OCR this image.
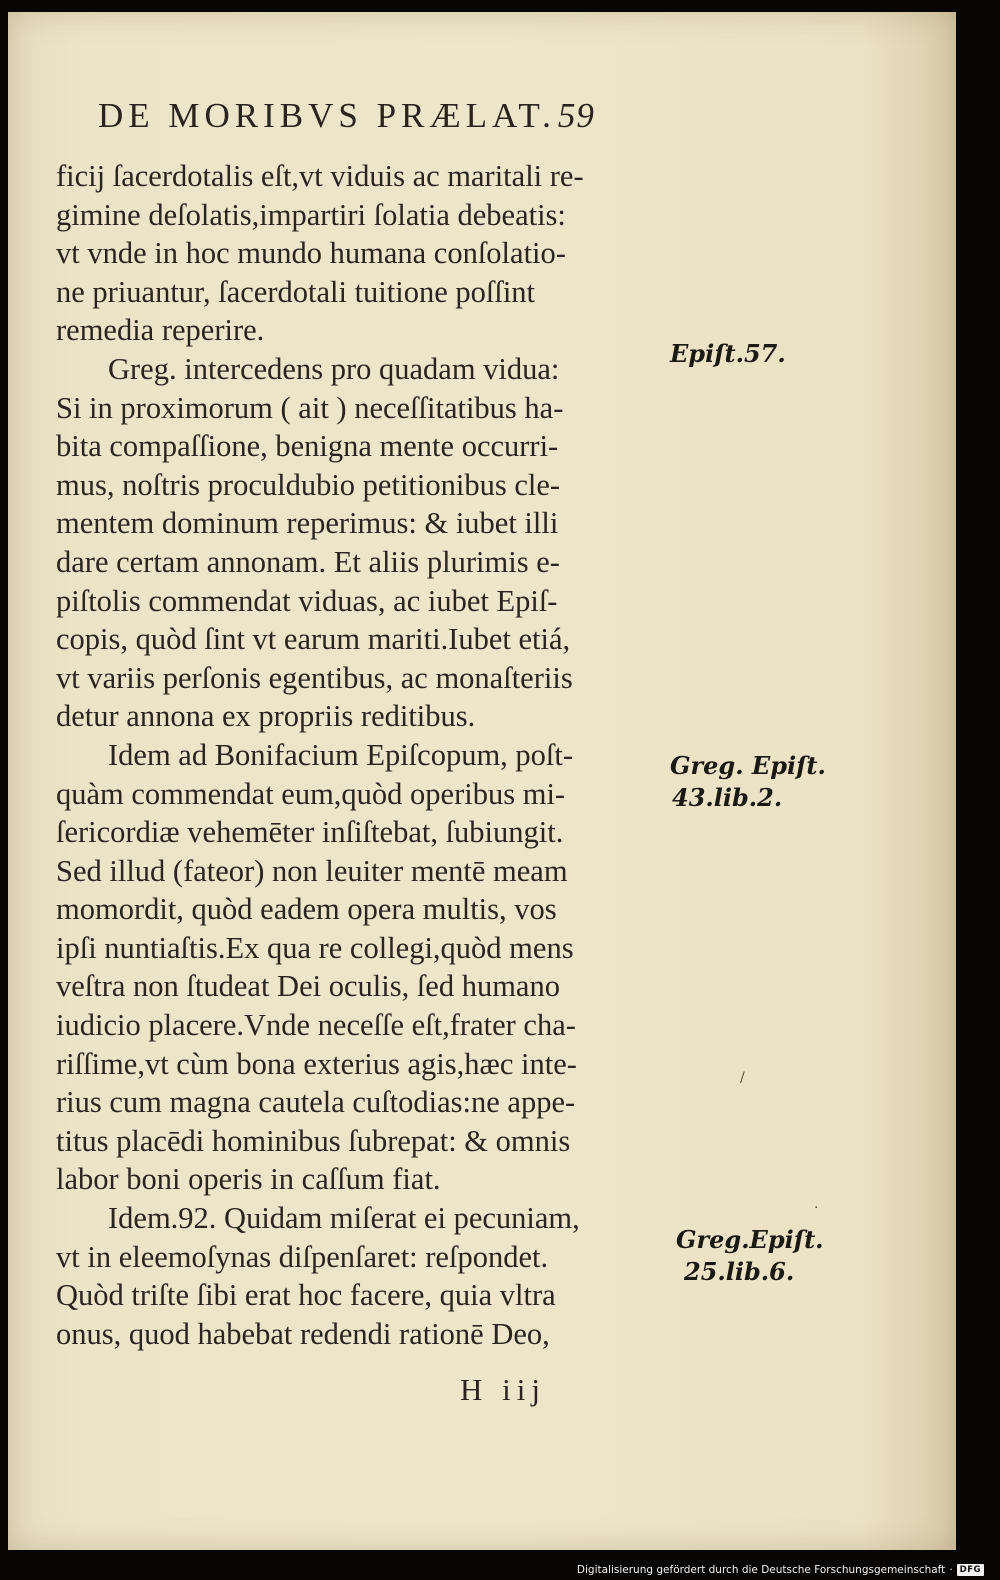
DE MORIBVS PRÆLAT.59
ficij ſacerdotalis eſt,vt viduis ac maritali re-
gimine deſolatis,impartiri ſolatia debeatis:
vt vnde in hoc mundo humana conſolatio-
ne priuantur, ſacerdotali tuitione poſſint
remedia reperire.
Greg. intercedens pro quadam vidua:
Si in proximorum ( ait ) neceſſitatibus ha-
bita compaſſione, benigna mente occurri-
mus, noſtris proculdubio petitionibus cle-
mentem dominum reperimus: & iubet illi
dare certam annonam. Et aliis plurimis e-
piſtolis commendat viduas, ac iubet Epiſ-
copis, quòd ſint vt earum mariti.Iubet etiá,
vt variis perſonis egentibus, ac monaſteriis
detur annona ex propriis reditibus.
Idem ad Bonifacium Epiſcopum, poſt-
quàm commendat eum,quòd operibus mi-
ſericordiæ vehemēter inſiſtebat, ſubiungit.
Sed illud (fateor) non leuiter mentē meam
momordit, quòd eadem opera multis, vos
ipſi nuntiaſtis.Ex qua re collegi,quòd mens
veſtra non ſtudeat Dei oculis, ſed humano
iudicio placere.Vnde neceſſe eſt,frater cha-
riſſime,vt cùm bona exterius agis,hæc inte-
rius cum magna cautela cuſtodias:ne appe-
titus placēdi hominibus ſubrepat: & omnis
labor boni operis in caſſum fiat.
Idem.92. Quidam miſerat ei pecuniam,
vt in eleemoſynas diſpenſaret: reſpondet.
Quòd triſte ſibi erat hoc facere, quia vltra
onus, quod habebat redendi rationē Deo,
Epiſt.57.
Greg. Epiſt.
43.lib.2.
Greg.Epiſt.
25.lib.6.
H iij
/
·
Digitalisierung gefördert durch die Deutsche Forschungsgemeinschaft · DFG
